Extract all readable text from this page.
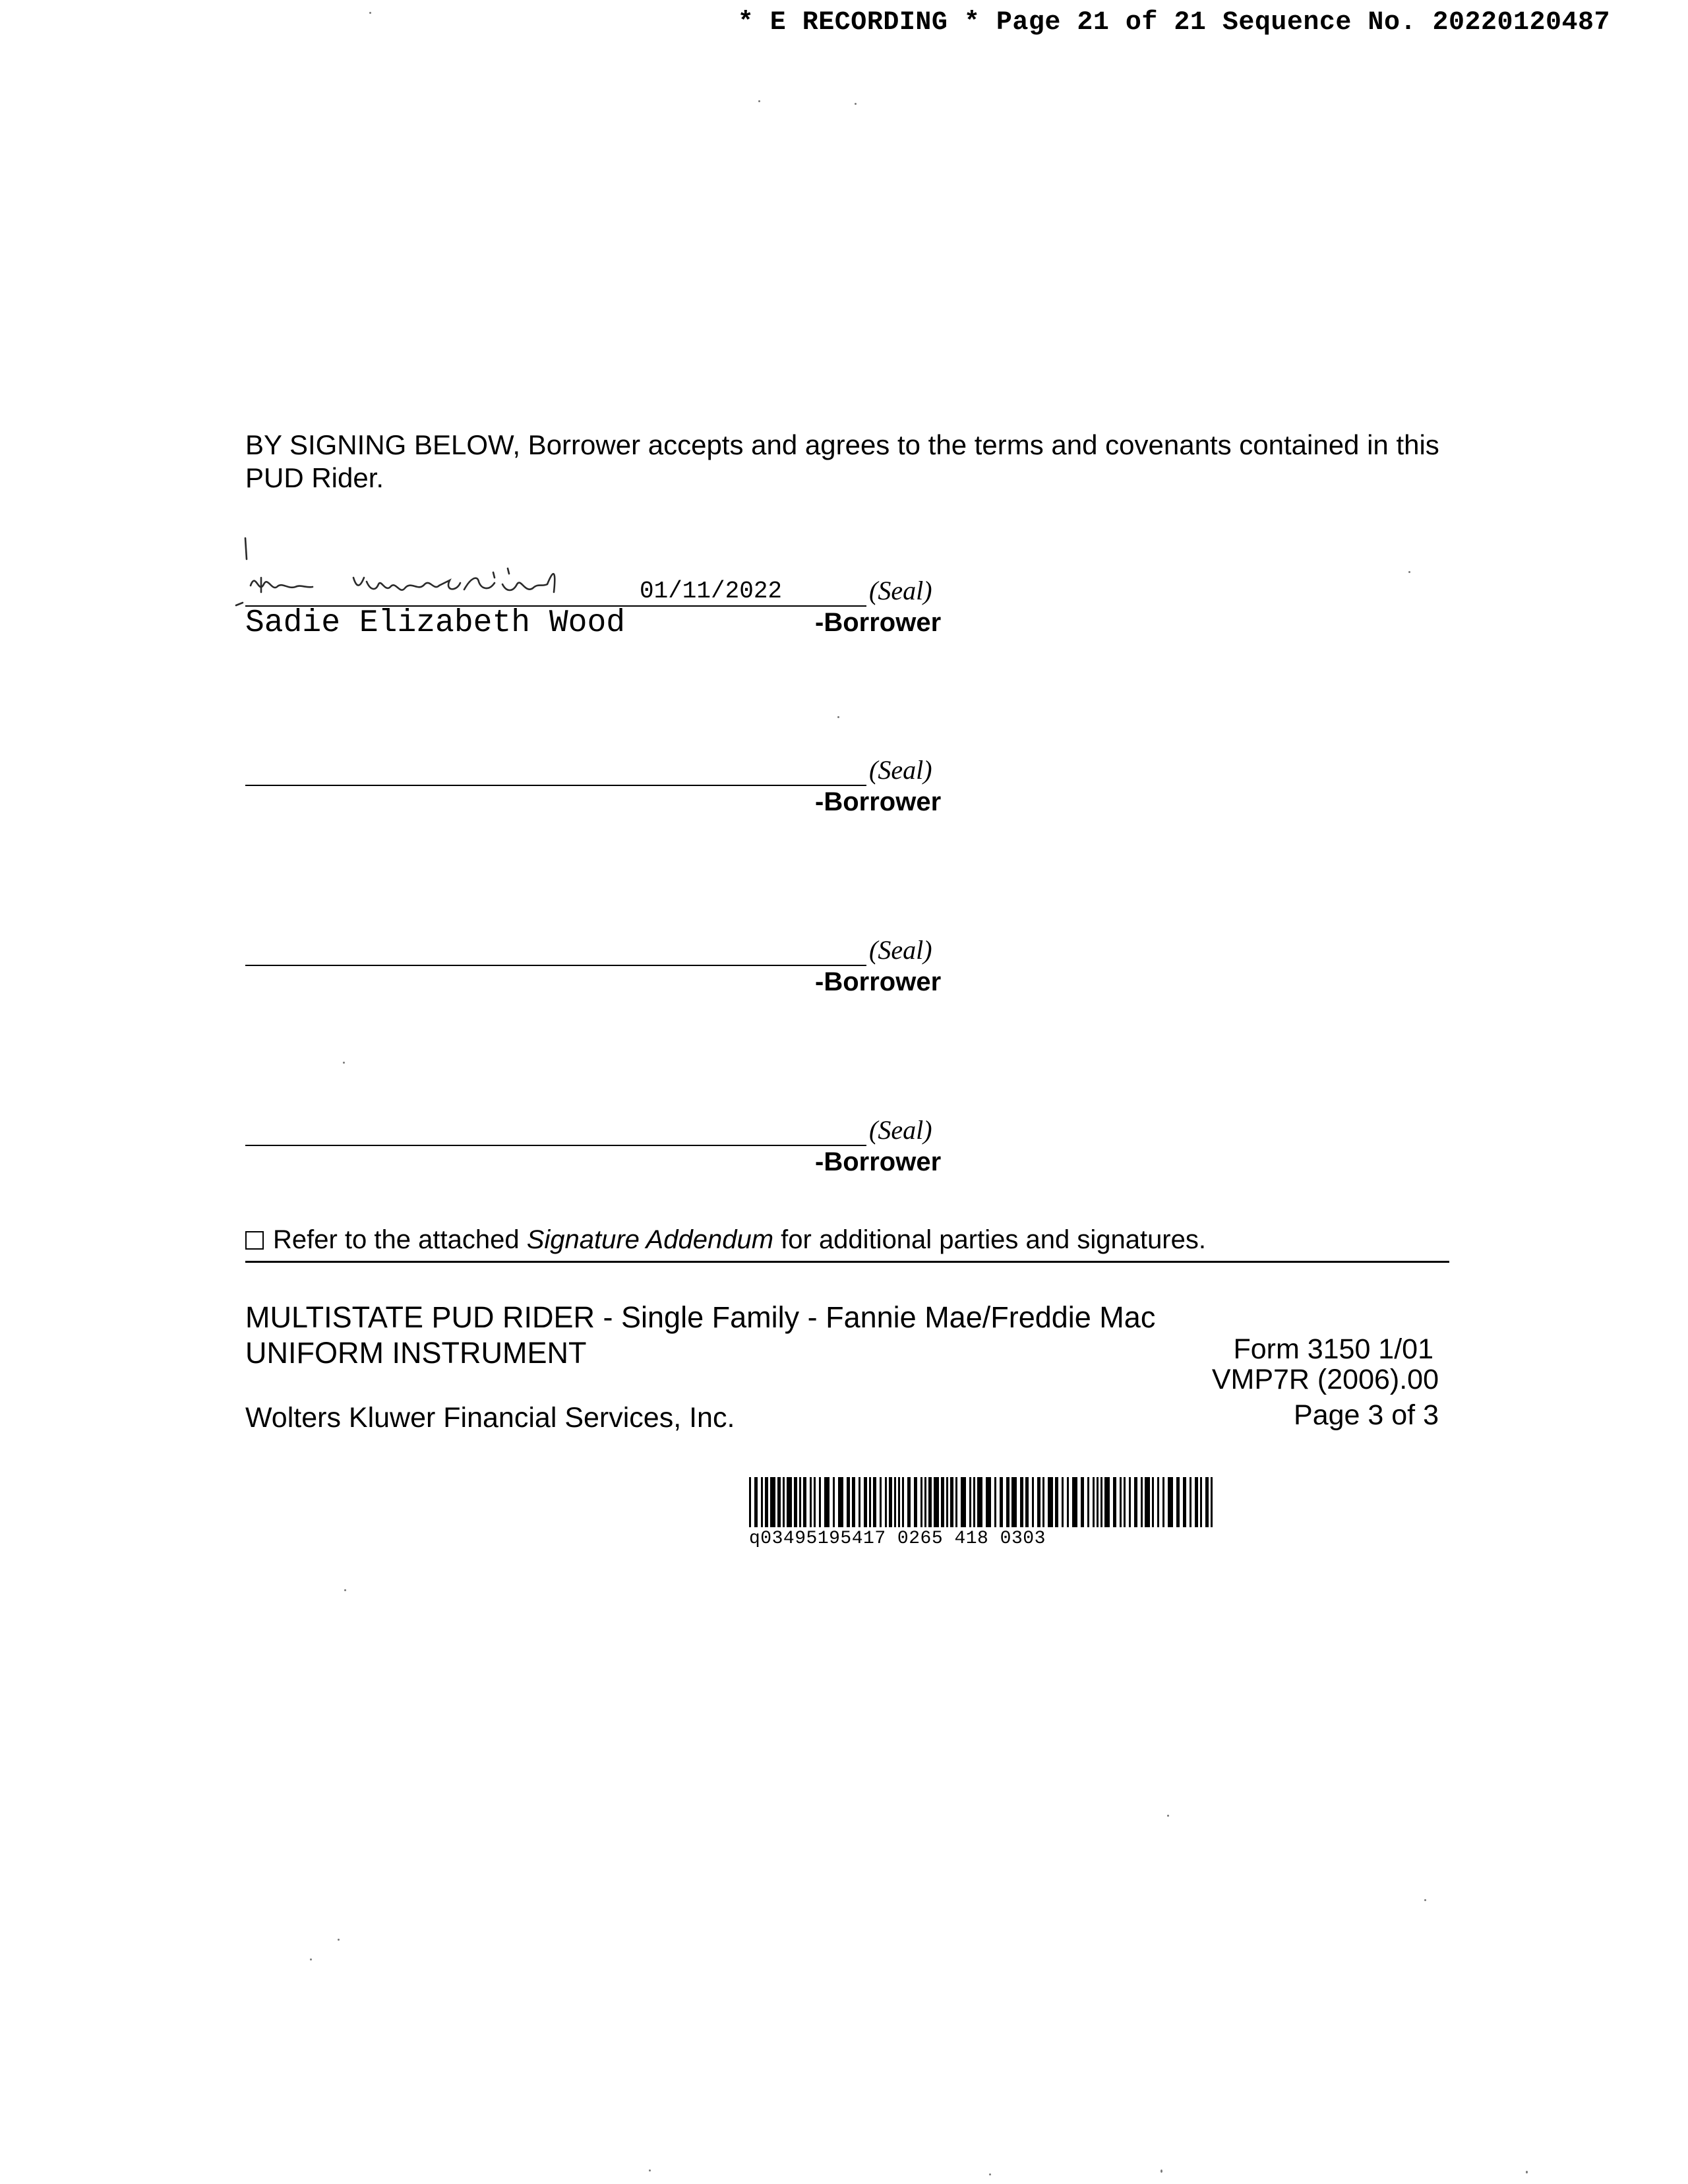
* E RECORDING * Page 21 of 21 Sequence No. 20220120487
BY SIGNING BELOW, Borrower accepts and agrees to the terms and covenants contained in this PUD Rider.
01/11/2022	(Seal)
Sadie Elizabeth Wood	-Borrower
(Seal)
-Borrower
(Seal)
-Borrower
(Seal)
-Borrower
Refer to the attached Signature Addendum for additional parties and signatures.
MULTISTATE PUD RIDER - Single Family - Fannie Mae/Freddie Mac
UNIFORM INSTRUMENT	Form 3150 1/01
VMP7R (2006).00
Wolters Kluwer Financial Services, Inc.	Page 3 of 3
q03495195417 0265 418 0303
